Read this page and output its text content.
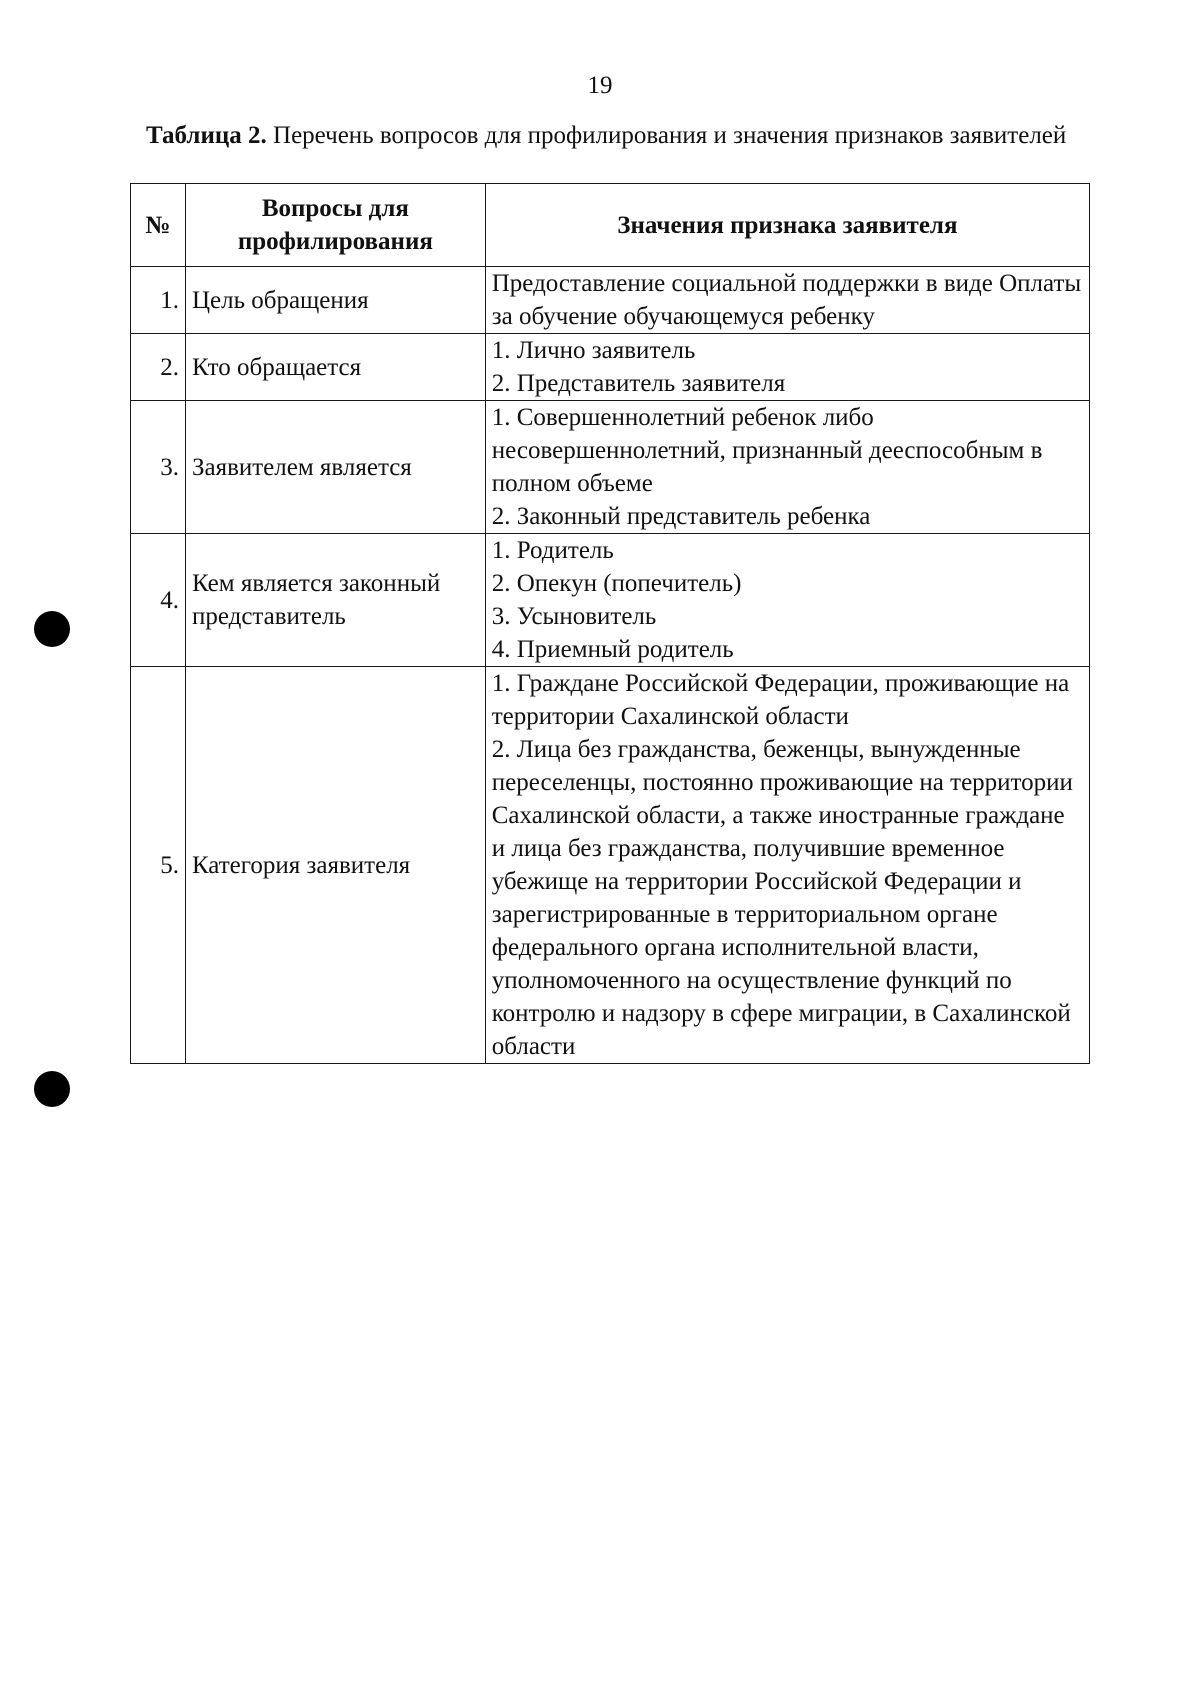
19
Таблица 2. Перечень вопросов для профилирования и значения признаков заявителей
№	Вопросы для профилирования	Значения признака заявителя
1.	Цель обращения	Предоставление социальной поддержки в виде Оплаты за обучение обучающемуся ребенку

2.	Кто обращается	1. Лично заявитель
2. Представитель заявителя

3.	Заявителем является	1. Совершеннолетний ребенок либо несовершеннолетний, признанный дееспособным в полном объеме
2. Законный представитель ребенка

4.	Кем является законный представитель	1. Родитель
2. Опекун (попечитель)
3. Усыновитель
4. Приемный родитель

5.	Категория заявителя	1. Граждане Российской Федерации, проживающие на территории Сахалинской области
2. Лица без гражданства, беженцы, вынужденные переселенцы, постоянно проживающие на территории Сахалинской области, а также иностранные граждане и лица без гражданства, получившие временное убежище на территории Российской Федерации и зарегистрированные в территориальном органе федерального органа исполнительной власти, уполномоченного на осуществление функций по контролю и надзору в сфере миграции, в Сахалинской области
